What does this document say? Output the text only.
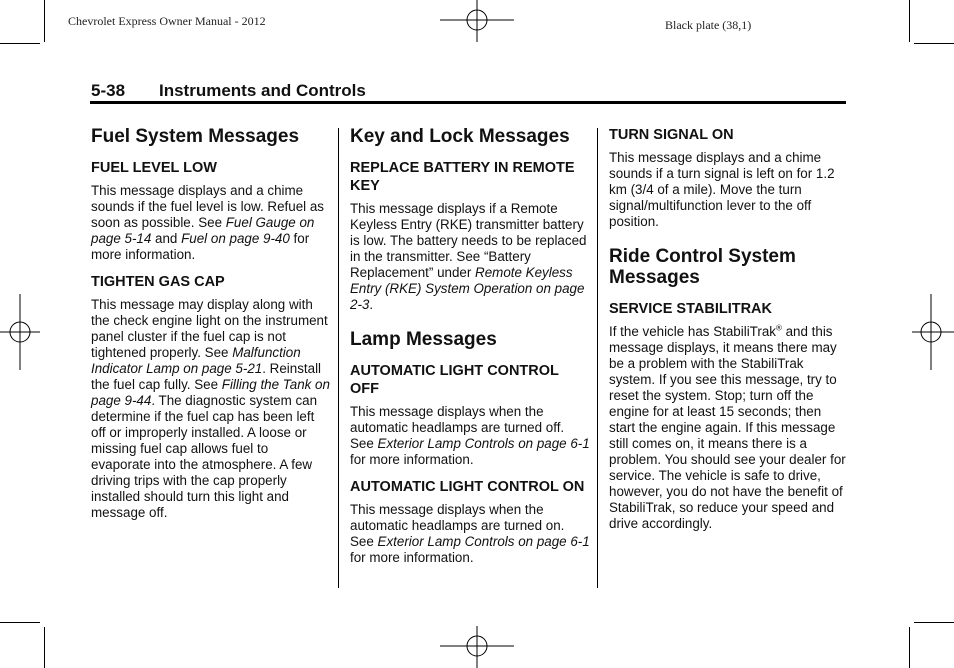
Chevrolet Express Owner Manual - 2012	Black plate (38,1)
5-38 Instruments and Controls
Fuel System Messages
FUEL LEVEL LOW

This message displays and a chime sounds if the fuel level is low. Refuel as soon as possible. See Fuel Gauge on page 5-14 and Fuel on page 9-40 for more information.

TIGHTEN GAS CAP

This message may display along with the check engine light on the instrument panel cluster if the fuel cap is not tightened properly. See Malfunction Indicator Lamp on page 5-21. Reinstall the fuel cap fully. See Filling the Tank on page 9-44. The diagnostic system can determine if the fuel cap has been left off or improperly installed. A loose or missing fuel cap allows fuel to evaporate into the atmosphere. A few driving trips with the cap properly installed should turn this light and message off.

Key and Lock Messages
REPLACE BATTERY IN REMOTE KEY

This message displays if a Remote Keyless Entry (RKE) transmitter battery is low. The battery needs to be replaced in the transmitter. See “Battery Replacement” under Remote Keyless Entry (RKE) System Operation on page 2-3.

Lamp Messages
AUTOMATIC LIGHT CONTROL OFF

This message displays when the automatic headlamps are turned off. See Exterior Lamp Controls on page 6-1 for more information.

AUTOMATIC LIGHT CONTROL ON

This message displays when the automatic headlamps are turned on. See Exterior Lamp Controls on page 6-1 for more information.

TURN SIGNAL ON

This message displays and a chime sounds if a turn signal is left on for 1.2 km (3/4 of a mile). Move the turn signal/multifunction lever to the off position.

Ride Control System Messages
SERVICE STABILITRAK

If the vehicle has StabiliTrak® and this message displays, it means there may be a problem with the StabiliTrak system. If you see this message, try to reset the system. Stop; turn off the engine for at least 15 seconds; then start the engine again. If this message still comes on, it means there is a problem. You should see your dealer for service. The vehicle is safe to drive, however, you do not have the benefit of StabiliTrak, so reduce your speed and drive accordingly.
